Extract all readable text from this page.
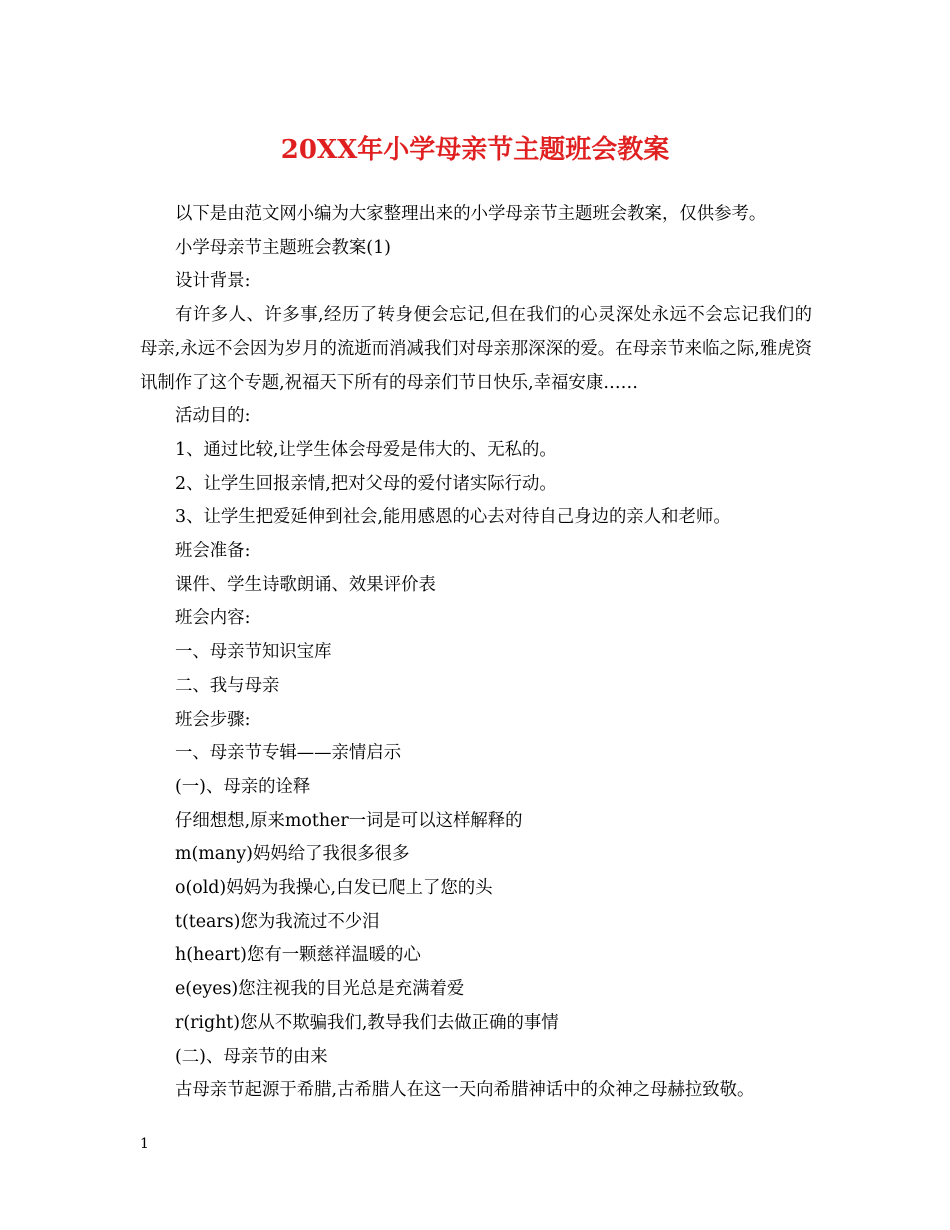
20XX年小学母亲节主题班会教案

以下是由范文网小编为大家整理出来的小学母亲节主题班会教案，仅供参考。

小学母亲节主题班会教案(1)

设计背景:

有许多人、许多事,经历了转身便会忘记,但在我们的心灵深处永远不会忘记我们的母亲,永远不会因为岁月的流逝而消减我们对母亲那深深的爱。在母亲节来临之际,雅虎资讯制作了这个专题,祝福天下所有的母亲们节日快乐,幸福安康……

活动目的:

1、通过比较,让学生体会母爱是伟大的、无私的。

2、让学生回报亲情,把对父母的爱付诸实际行动。

3、让学生把爱延伸到社会,能用感恩的心去对待自己身边的亲人和老师。

班会准备:

课件、学生诗歌朗诵、效果评价表

班会内容:

一、母亲节知识宝库

二、我与母亲

班会步骤:

一、母亲节专辑——亲情启示

(一)、母亲的诠释

仔细想想,原来mother一词是可以这样解释的

m(many)妈妈给了我很多很多

o(old)妈妈为我操心,白发已爬上了您的头

t(tears)您为我流过不少泪

h(heart)您有一颗慈祥温暖的心

e(eyes)您注视我的目光总是充满着爱

r(right)您从不欺骗我们,教导我们去做正确的事情

(二)、母亲节的由来

古母亲节起源于希腊,古希腊人在这一天向希腊神话中的众神之母赫拉致敬。

1
